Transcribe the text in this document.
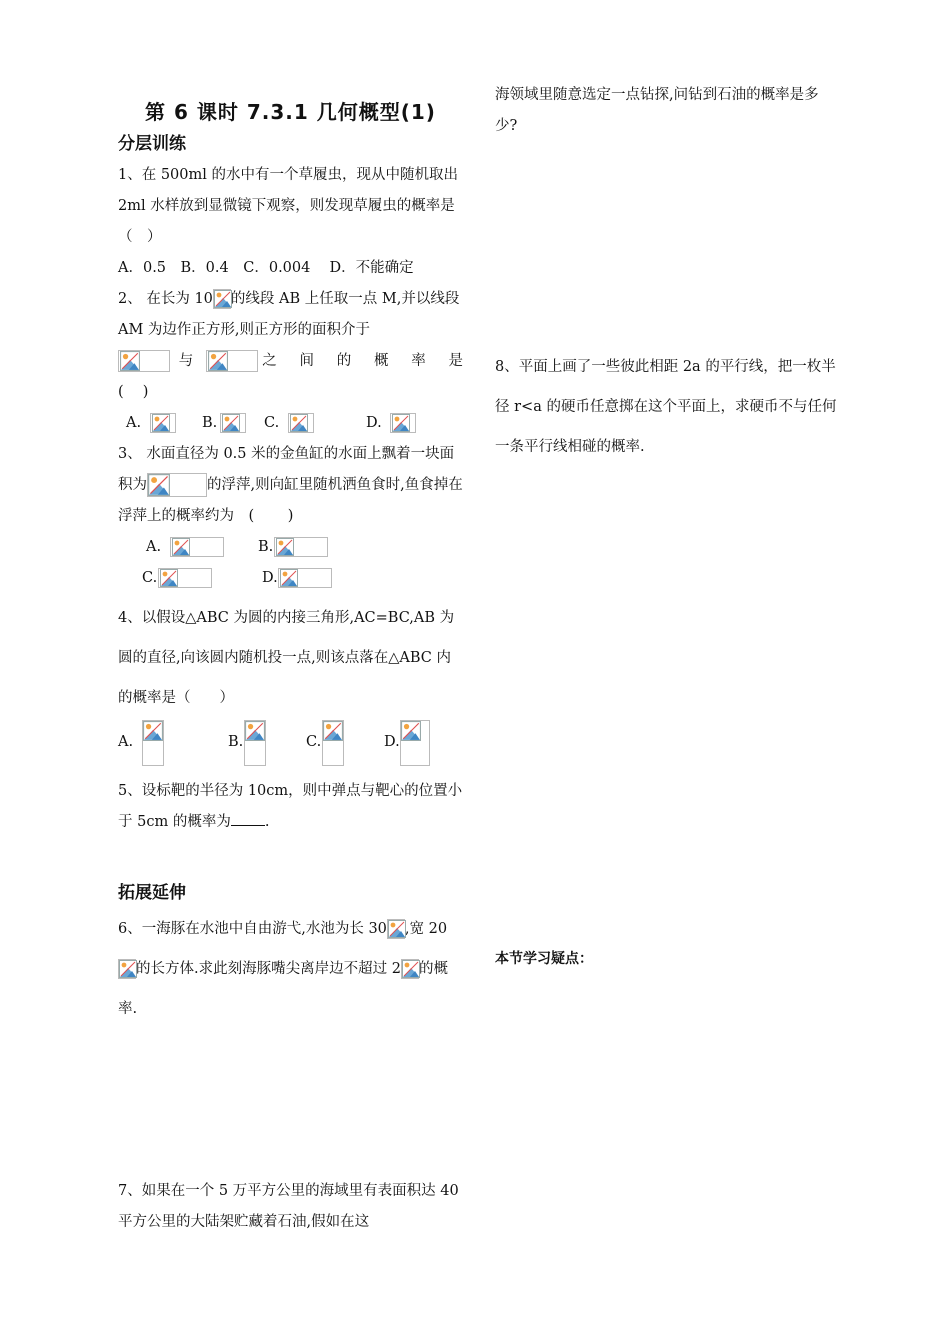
第 6 课时 7.3.1 几何概型(1)
分层训练

1、在 500ml 的水中有一个草履虫，现从中随机取出 2ml 水样放到显微镜下观察，则发现草履虫的概率是（　）

A．0.5　B．0.4　C．0.004　 D．不能确定

2、 在长为 10 的线段 AB 上任取一点 M,并以线段 AM 为边作正方形,则正方形的面积介于

与	之　间　的　概　率　是

(　 )

A.	B.	C.	D.

3、 水面直径为 0.5 米的金鱼缸的水面上飘着一块面积为	的浮萍,则向缸里随机洒鱼食时,鱼食掉在浮萍上的概率约为　(　　 )

A.	B.
C.	D.

4、以假设△ABC 为圆的内接三角形,AC=BC,AB 为圆的直径,向该圆内随机投一点,则该点落在△ABC 内的概率是（　　）

A.	B.	C.	D.

5、设标靶的半径为 10cm，则中弹点与靶心的位置小于 5cm 的概率为 .

拓展延伸

6、一海豚在水池中自由游弋,水池为长 30 ,宽 20
的长方体.求此刻海豚嘴尖离岸边不超过 2 的概率.

7、如果在一个 5 万平方公里的海域里有表面积达 40 平方公里的大陆架贮藏着石油,假如在这

海领域里随意选定一点钻探,问钻到石油的概率是多少?

8、平面上画了一些彼此相距 2a 的平行线，把一枚半径 r<a 的硬币任意掷在这个平面上，求硬币不与任何一条平行线相碰的概率.

本节学习疑点：
